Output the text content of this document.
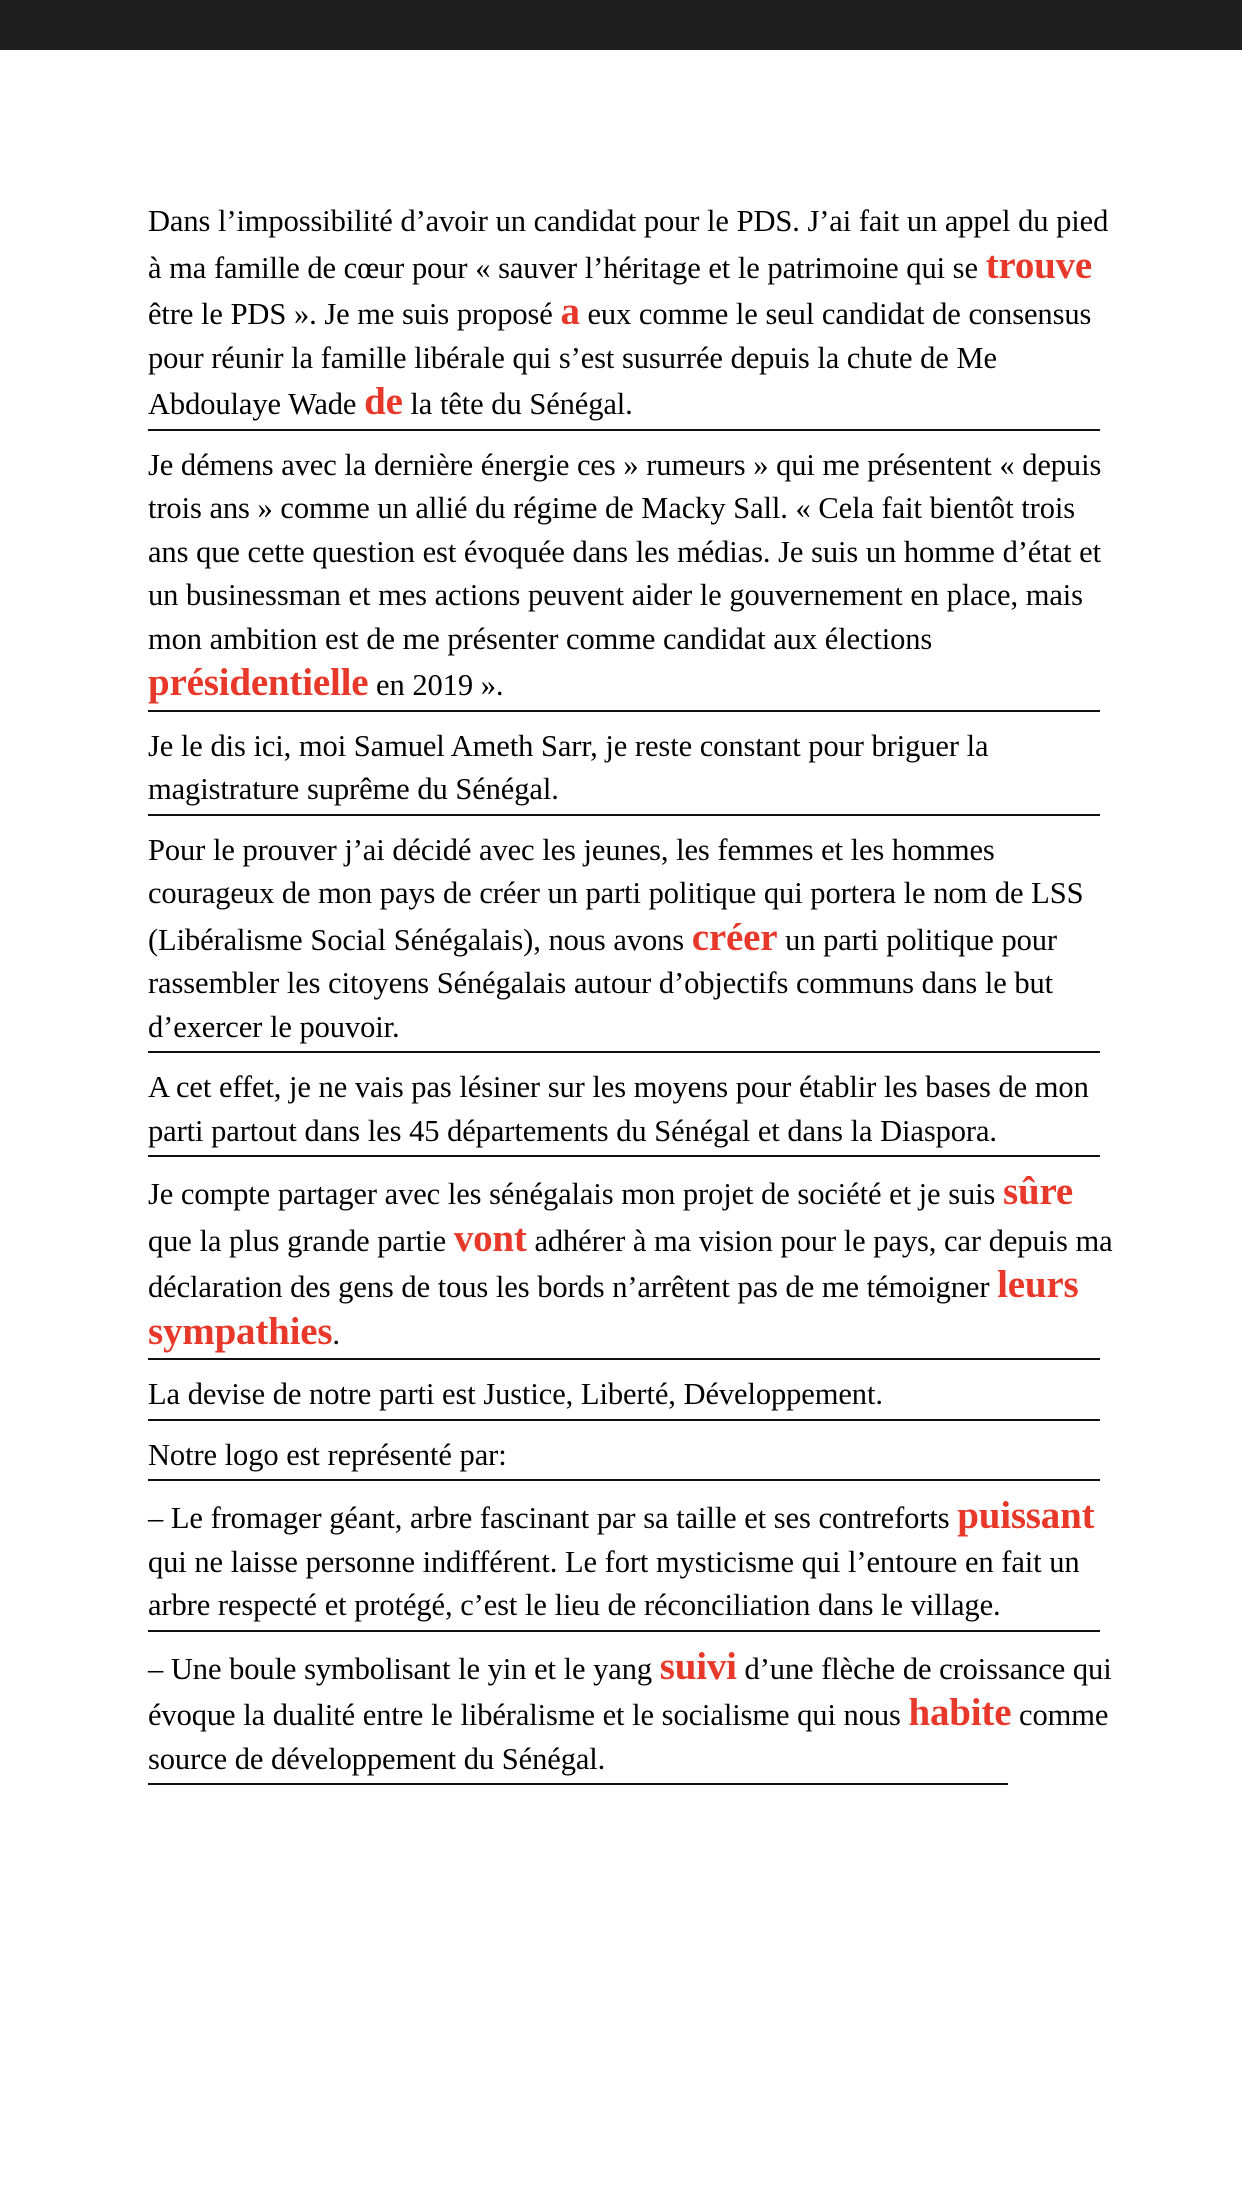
Dans l’impossibilité d’avoir un candidat pour le PDS. J’ai fait un appel du pied à ma famille de cœur pour « sauver l’héritage et le patrimoine qui se trouve être le PDS ». Je me suis proposé a eux comme le seul candidat de consensus pour réunir la famille libérale qui s’est susurrée depuis la chute de Me Abdoulaye Wade de la tête du Sénégal.
Je démens avec la dernière énergie ces » rumeurs » qui me présentent « depuis trois ans » comme un allié du régime de Macky Sall. « Cela fait bientôt trois ans que cette question est évoquée dans les médias. Je suis un homme d’état et un businessman et mes actions peuvent aider le gouvernement en place, mais mon ambition est de me présenter comme candidat aux élections présidentielle en 2019 ».
Je le dis ici, moi Samuel Ameth Sarr, je reste constant pour briguer la magistrature suprême du Sénégal.
Pour le prouver j’ai décidé avec les jeunes, les femmes et les hommes courageux de mon pays de créer un parti politique qui portera le nom de LSS (Libéralisme Social Sénégalais), nous avons créer un parti politique pour rassembler les citoyens Sénégalais autour d’objectifs communs dans le but d’exercer le pouvoir.
A cet effet, je ne vais pas lésiner sur les moyens pour établir les bases de mon parti partout dans les 45 départements du Sénégal et dans la Diaspora.
Je compte partager avec les sénégalais mon projet de société et je suis sûre que la plus grande partie vont adhérer à ma vision pour le pays, car depuis ma déclaration des gens de tous les bords n’arrêtent pas de me témoigner leurs sympathies.
La devise de notre parti est Justice, Liberté, Développement.
Notre logo est représenté par:
– Le fromager géant, arbre fascinant par sa taille et ses contreforts puissant qui ne laisse personne indifférent. Le fort mysticisme qui l’entoure en fait un arbre respecté et protégé, c’est le lieu de réconciliation dans le village.
– Une boule symbolisant le yin et le yang suivi d’une flèche de croissance qui évoque la dualité entre le libéralisme et le socialisme qui nous habite comme source de développement du Sénégal.
